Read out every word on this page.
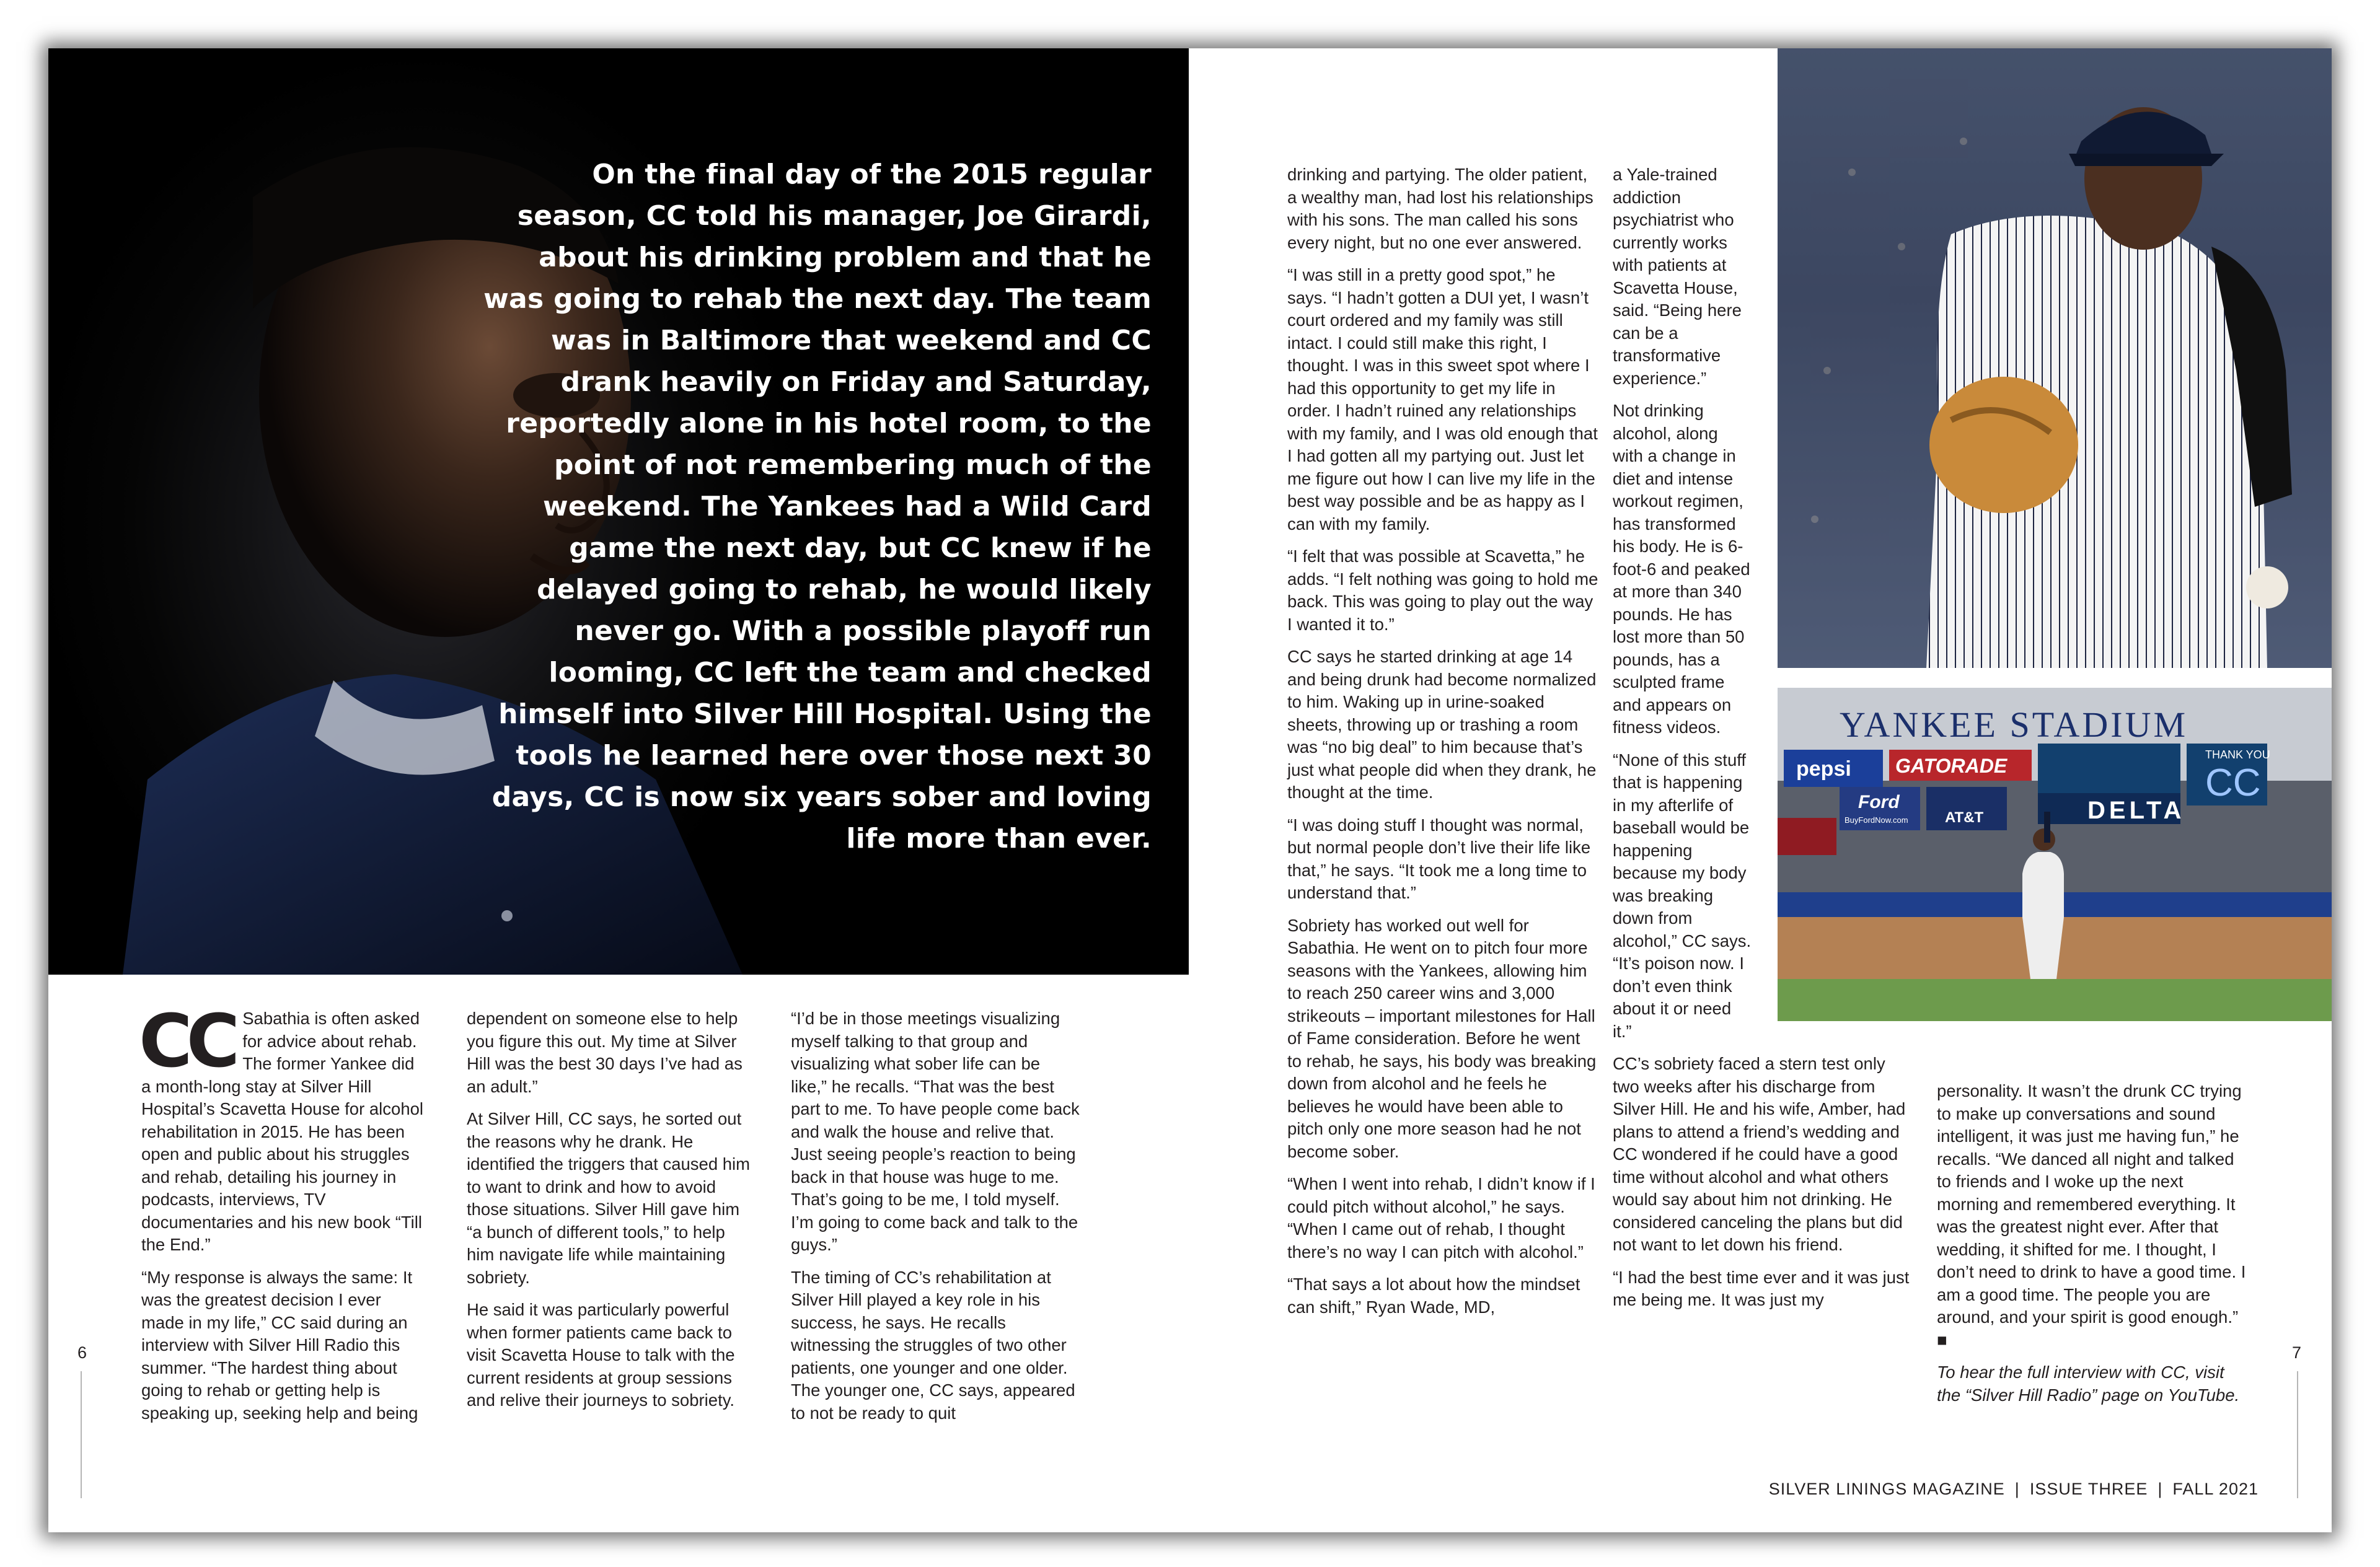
On the final day of the 2015 regular season, CC told his manager, Joe Girardi, about his drinking problem and that he was going to rehab the next day. The team was in Baltimore that weekend and CC drank heavily on Friday and Saturday, reportedly alone in his hotel room, to the point of not remembering much of the weekend. The Yankees had a Wild Card game the next day, but CC knew if he delayed going to rehab, he would likely never go. With a possible playoff run looming, CC left the team and checked himself into Silver Hill Hospital. Using the tools he learned here over those next 30 days, CC is now six years sober and loving life more than ever.

CC Sabathia is often asked for advice about rehab. The former Yankee did a month-long stay at Silver Hill Hospital’s Scavetta House for alcohol rehabilitation in 2015. He has been open and public about his struggles and rehab, detailing his journey in podcasts, interviews, TV documentaries and his new book “Till the End.”

“My response is always the same: It was the greatest decision I ever made in my life,” CC said during an interview with Silver Hill Radio this summer. “The hardest thing about going to rehab or getting help is speaking up, seeking help and being

dependent on someone else to help you figure this out. My time at Silver Hill was the best 30 days I’ve had as an adult.”

At Silver Hill, CC says, he sorted out the reasons why he drank. He identified the triggers that caused him to want to drink and how to avoid those situations. Silver Hill gave him “a bunch of different tools,” to help him navigate life while maintaining sobriety.

He said it was particularly powerful when former patients came back to visit Scavetta House to talk with the current residents at group sessions and relive their journeys to sobriety.

“I’d be in those meetings visualizing myself talking to that group and visualizing what sober life can be like,” he recalls. “That was the best part to me. To have people come back and walk the house and relive that. Just seeing people’s reaction to being back in that house was huge to me. That’s going to be me, I told myself. I’m going to come back and talk to the guys.”

The timing of CC’s rehabilitation at Silver Hill played a key role in his success, he says. He recalls witnessing the struggles of two other patients, one younger and one older. The younger one, CC says, appeared to not be ready to quit

6

drinking and partying. The older patient, a wealthy man, had lost his relationships with his sons. The man called his sons every night, but no one ever answered.

“I was still in a pretty good spot,” he says. “I hadn’t gotten a DUI yet, I wasn’t court ordered and my family was still intact. I could still make this right, I thought. I was in this sweet spot where I had this opportunity to get my life in order. I hadn’t ruined any relationships with my family, and I was old enough that I had gotten all my partying out. Just let me figure out how I can live my life in the best way possible and be as happy as I can with my family.

“I felt that was possible at Scavetta,” he adds. “I felt nothing was going to hold me back. This was going to play out the way I wanted it to.”

CC says he started drinking at age 14 and being drunk had become normalized to him. Waking up in urine-soaked sheets, throwing up or trashing a room was “no big deal” to him because that’s just what people did when they drank, he thought at the time.

“I was doing stuff I thought was normal, but normal people don’t live their life like that,” he says. “It took me a long time to understand that.”

Sobriety has worked out well for Sabathia. He went on to pitch four more seasons with the Yankees, allowing him to reach 250 career wins and 3,000 strikeouts – important milestones for Hall of Fame consideration. Before he went to rehab, he says, his body was breaking down from alcohol and he feels he believes he would have been able to pitch only one more season had he not become sober.

“When I went into rehab, I didn’t know if I could pitch without alcohol,” he says. “When I came out of rehab, I thought there’s no way I can pitch with alcohol.”

“That says a lot about how the mindset can shift,” Ryan Wade, MD,

a Yale-trained addiction psychiatrist who currently works with patients at Scavetta House, said. “Being here can be a transformative experience.”

Not drinking alcohol, along with a change in diet and intense workout regimen, has transformed his body. He is 6-foot-6 and peaked at more than 340 pounds. He has lost more than 50 pounds, has a sculpted frame and appears on fitness videos.

“None of this stuff that is happening in my afterlife of baseball would be happening because my body was breaking down from alcohol,” CC says. “It’s poison now. I don’t even think about it or need it.”

CC’s sobriety faced a stern test only two weeks after his discharge from Silver Hill. He and his wife, Amber, had plans to attend a friend’s wedding and CC wondered if he could have a good time without alcohol and what others would say about him not drinking. He considered canceling the plans but did not want to let down his friend.

“I had the best time ever and it was just me being me. It was just my

YANKEE STADIUM
pepsi GATORADE
Ford
BuyFordNow.com AT&T
THANK YOU
CC
DELTA

personality. It wasn’t the drunk CC trying to make up conversations and sound intelligent, it was just me having fun,” he recalls. “We danced all night and talked to friends and I woke up the next morning and remembered everything. It was the greatest night ever. After that wedding, it shifted for me. I thought, I don’t need to drink to have a good time. I am a good time. The people you are around, and your spirit is good enough.” ■

To hear the full interview with CC, visit the “Silver Hill Radio” page on YouTube.

7
SILVER LININGS MAGAZINE | ISSUE THREE | FALL 2021
